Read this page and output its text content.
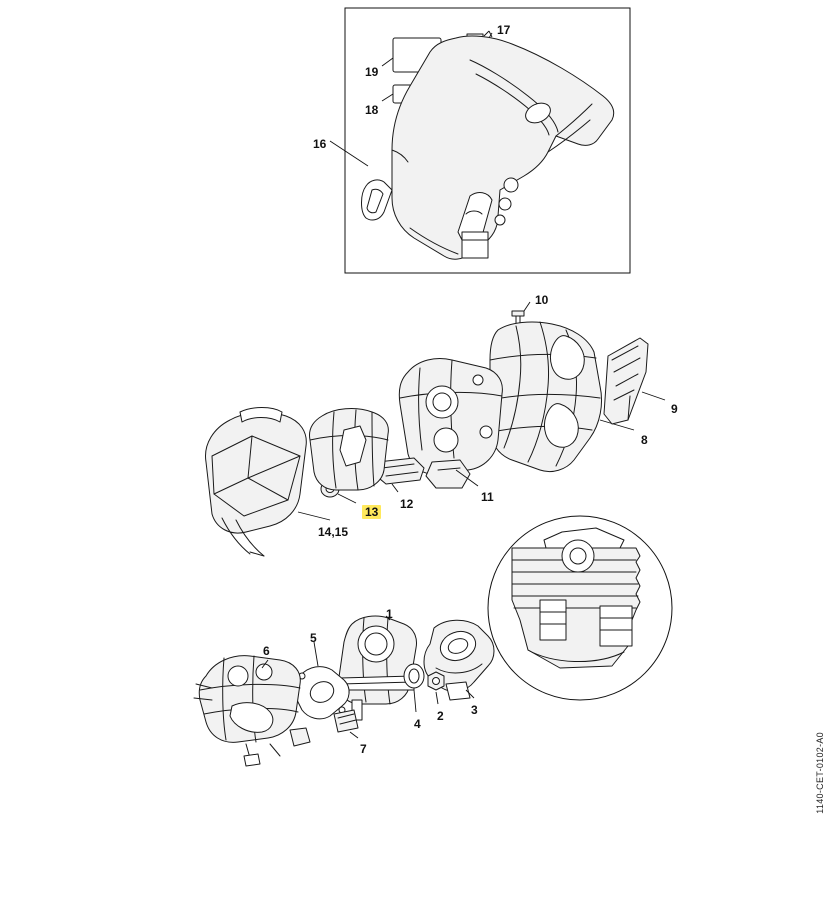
17
19
18
16
10
9
8
11
12
13
14,15
1
5
6
4
2 3
7	1140-CET-0102-A0
